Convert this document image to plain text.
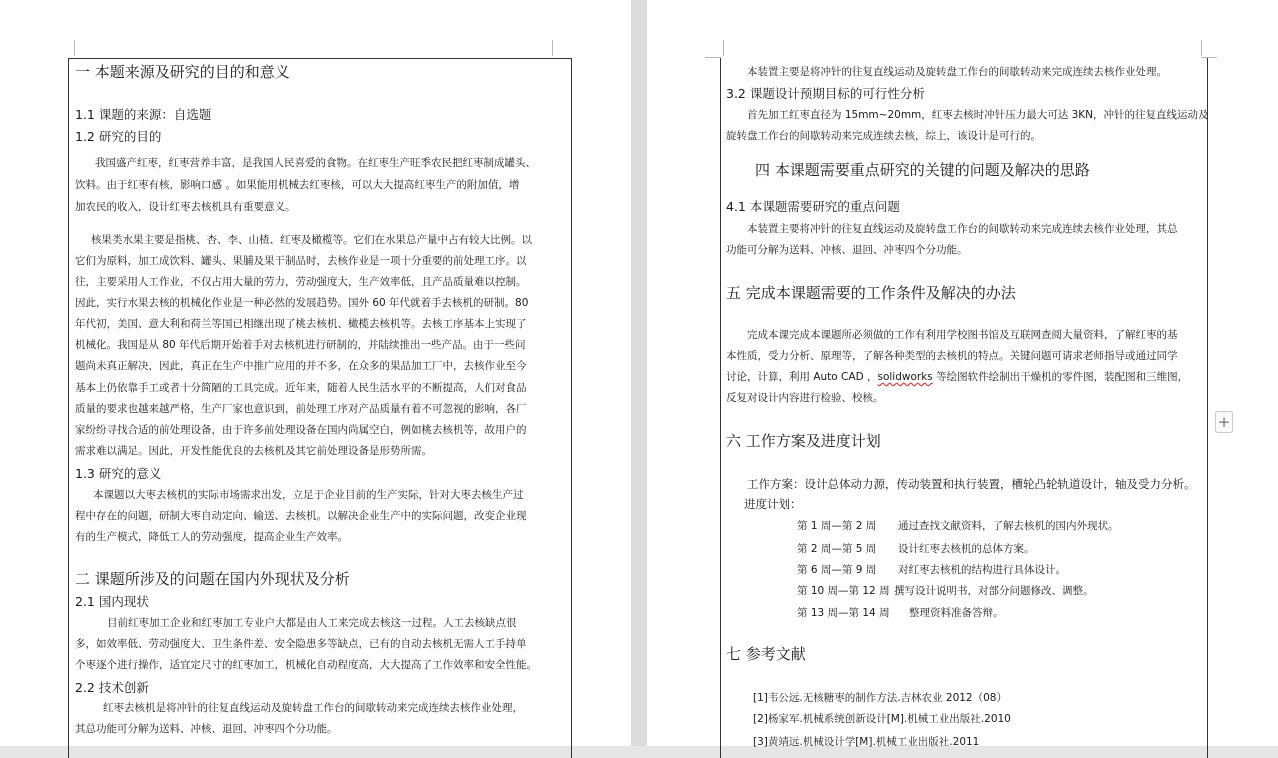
一 本题来源及研究的目的和意义
1.1 课题的来源：自选题
1.2 研究的目的
我国盛产红枣，红枣营养丰富，是我国人民喜爱的食物。在红枣生产旺季农民把红枣制成罐头、
饮料。由于红枣有核，影响口感 。如果能用机械去红枣核，可以大大提高红枣生产的附加值，增
加农民的收入，设计红枣去核机具有重要意义。
核果类水果主要是指桃、杏、李、山楂、红枣及橄榄等。它们在水果总产量中占有较大比例。以
它们为原料，加工成饮料、罐头、果脯及果干制品时，去核作业是一项十分重要的前处理工序。以
往，主要采用人工作业，不仅占用大量的劳力，劳动强度大，生产效率低，且产品质量难以控制。
因此，实行水果去核的机械化作业是一种必然的发展趋势。国外 60 年代就着手去核机的研制。80
年代初，美国、意大利和荷兰等国已相继出现了桃去核机、橄榄去核机等。去核工序基本上实现了
机械化。我国是从 80 年代后期开始着手对去核机进行研制的，并陆续推出一些产品。由于一些问
题尚未真正解决，因此，真正在生产中推广应用的并不多，在众多的果品加工厂中，去核作业至今
基本上仍依靠手工或者十分简陋的工具完成。近年来，随着人民生活水平的不断提高，人们对食品
质量的要求也越来越严格，生产厂家也意识到，前处理工序对产品质量有着不可忽视的影响，各厂
家纷纷寻找合适的前处理设备，由于许多前处理设备在国内尚属空白，例如桃去核机等，故用户的
需求难以满足。因此，开发性能优良的去核机及其它前处理设备是形势所需。
1.3 研究的意义
本课题以大枣去核机的实际市场需求出发，立足于企业目前的生产实际，针对大枣去核生产过
程中存在的问题，研制大枣自动定向、输送、去核机。以解决企业生产中的实际问题，改变企业现
有的生产模式，降低工人的劳动强度，提高企业生产效率。
二 课题所涉及的问题在国内外现状及分析
2.1 国内现状
目前红枣加工企业和红枣加工专业户大都是由人工来完成去核这一过程。人工去核缺点很
多，如效率低、劳动强度大、卫生条件差、安全隐患多等缺点，已有的自动去核机无需人工手持单
个枣逐个进行操作，适宜定尺寸的红枣加工，机械化自动程度高，大大提高了工作效率和安全性能。
2.2 技术创新
红枣去核机是将冲针的往复直线运动及旋转盘工作台的间歇转动来完成连续去核作业处理，
其总功能可分解为送料、冲核、退回、冲枣四个分功能。
本装置主要是将冲针的往复直线运动及旋转盘工作台的间歇转动来完成连续去核作业处理。
3.2 课题设计预期目标的可行性分析
首先加工红枣直径为 15mm~20mm，红枣去核时冲针压力最大可达 3KN，冲针的往复直线运动及
旋转盘工作台的间歇转动来完成连续去核，综上，该设计是可行的。
四 本课题需要重点研究的关键的问题及解决的思路
4.1 本课题需要研究的重点问题
本装置主要将冲针的往复直线运动及旋转盘工作台的间歇转动来完成连续去核作业处理，其总
功能可分解为送料、冲核、退回、冲枣四个分功能。
五 完成本课题需要的工作条件及解决的办法
完成本课完成本课题所必须做的工作有利用学校图书馆及互联网查阅大量资料，了解红枣的基
本性质，受力分析、原理等，了解各种类型的去核机的特点。关键问题可请求老师指导或通过同学
讨论，计算，利用 Auto CAD ，solidworks 等绘图软件绘制出干燥机的零件图，装配图和三维图，
反复对设计内容进行检验、校核。
六 工作方案及进度计划
工作方案：设计总体动力源，传动装置和执行装置，槽轮凸轮轨道设计，轴及受力分析。
进度计划：
第 1 周—第 2 周 通过查找文献资料，了解去核机的国内外现状。
第 2 周—第 5 周 设计红枣去核机的总体方案。
第 6 周—第 9 周 对红枣去核机的结构进行具体设计。
第 10 周—第 12 周 撰写设计说明书，对部分问题修改、调整。
第 13 周—第 14 周 整理资料准备答辩。
七 参考文献
[1]韦公远.无核糖枣的制作方法.吉林农业 2012（08）
[2]杨家军.机械系统创新设计[M].机械工业出版社.2010
[3]黄靖远.机械设计学[M].机械工业出版社.2011
+
